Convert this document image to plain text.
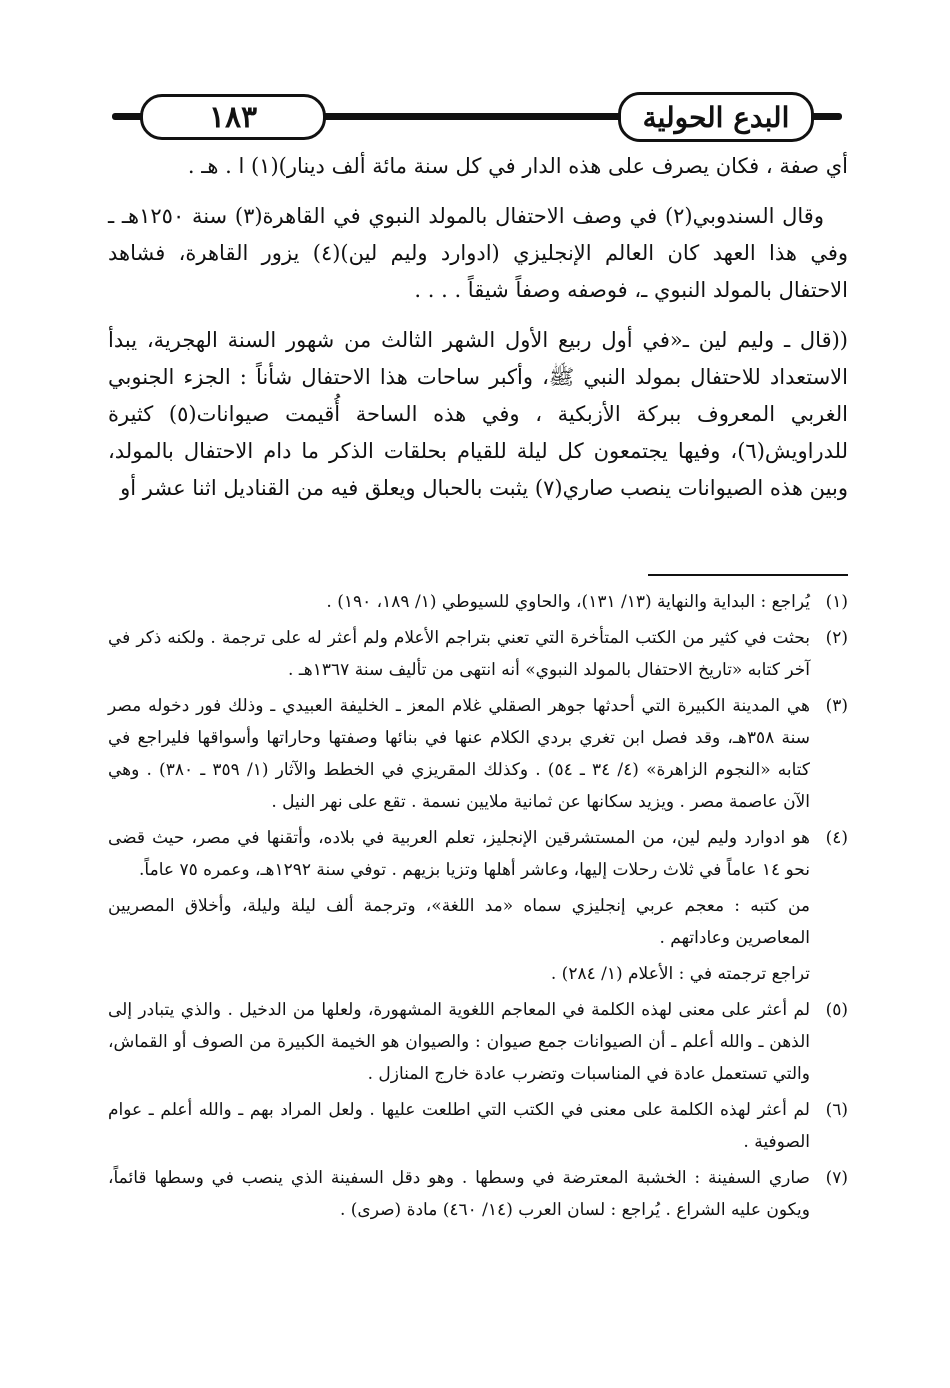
١٨٣	البدع الحولية

أي صفة ، فكان يصرف على هذه الدار في كل سنة مائة ألف دينار)(١) ا . هـ .

وقال السندوبي(٢) في وصف الاحتفال بالمولد النبوي في القاهرة(٣) سنة ١٢٥٠هـ ـ وفي هذا العهد كان العالم الإنجليزي (ادوارد وليم لين)(٤) يزور القاهرة، فشاهد الاحتفال بالمولد النبوي ـ، فوصفه وصفاً شيقاً . . . .

((قال ـ وليم لين ـ«في أول ربيع الأول الشهر الثالث من شهور السنة الهجرية، يبدأ الاستعداد للاحتفال بمولد النبي ﷺ، وأكبر ساحات هذا الاحتفال شأناً : الجزء الجنوبي الغربي المعروف ببركة الأزبكية ، وفي هذه الساحة أُقيمت صيوانات(٥) كثيرة للدراويش(٦)، وفيها يجتمعون كل ليلة للقيام بحلقات الذكر ما دام الاحتفال بالمولد، وبين هذه الصيوانات ينصب صاري(٧) يثبت بالحبال ويعلق فيه من القناديل اثنا عشر أو

(١)يُراجع : البداية والنهاية (١٣/ ١٣١)، والحاوي للسيوطي (١/ ١٨٩، ١٩٠) .
(٢)بحثت في كثير من الكتب المتأخرة التي تعني بتراجم الأعلام ولم أعثر له على ترجمة . ولكنه ذكر في آخر كتابه «تاريخ الاحتفال بالمولد النبوي» أنه انتهى من تأليف سنة ١٣٦٧هـ .
(٣)هي المدينة الكبيرة التي أحدثها جوهر الصقلي غلام المعز ـ الخليفة العبيدي ـ وذلك فور دخوله مصر سنة ٣٥٨هـ، وقد فصل ابن تغري بردي الكلام عنها في بنائها وصفتها وحاراتها وأسواقها فليراجع في كتابه «النجوم الزاهرة» (٤/ ٣٤ ـ ٥٤) . وكذلك المقريزي في الخطط والآثار (١/ ٣٥٩ ـ ٣٨٠) . وهي الآن عاصمة مصر . ويزيد سكانها عن ثمانية ملايين نسمة . تقع على نهر النيل .
(٤)هو ادوارد وليم لين، من المستشرقين الإنجليز، تعلم العربية في بلاده، وأتقنها في مصر، حيث قضى نحو ١٤ عاماً في ثلاث رحلات إليها، وعاشر أهلها وتزيا بزيهم . توفي سنة ١٢٩٢هـ، وعمره ٧٥ عاماً.
من كتبه : معجم عربي إنجليزي سماه «مد اللغة»، وترجمة ألف ليلة وليلة، وأخلاق المصريين المعاصرين وعاداتهم .
تراجع ترجمته في : الأعلام (١/ ٢٨٤) .
(٥)لم أعثر على معنى لهذه الكلمة في المعاجم اللغوية المشهورة، ولعلها من الدخيل . والذي يتبادر إلى الذهن ـ والله أعلم ـ أن الصيوانات جمع صيوان : والصيوان هو الخيمة الكبيرة من الصوف أو القماش، والتي تستعمل عادة في المناسبات وتضرب عادة خارج المنازل .
(٦)لم أعثر لهذه الكلمة على معنى في الكتب التي اطلعت عليها . ولعل المراد بهم ـ والله أعلم ـ عوام الصوفية .
(٧)صاري السفينة : الخشبة المعترضة في وسطها . وهو دقل السفينة الذي ينصب في وسطها قائماً، ويكون عليه الشراع . يُراجع : لسان العرب (١٤/ ٤٦٠) مادة (صرى) .
